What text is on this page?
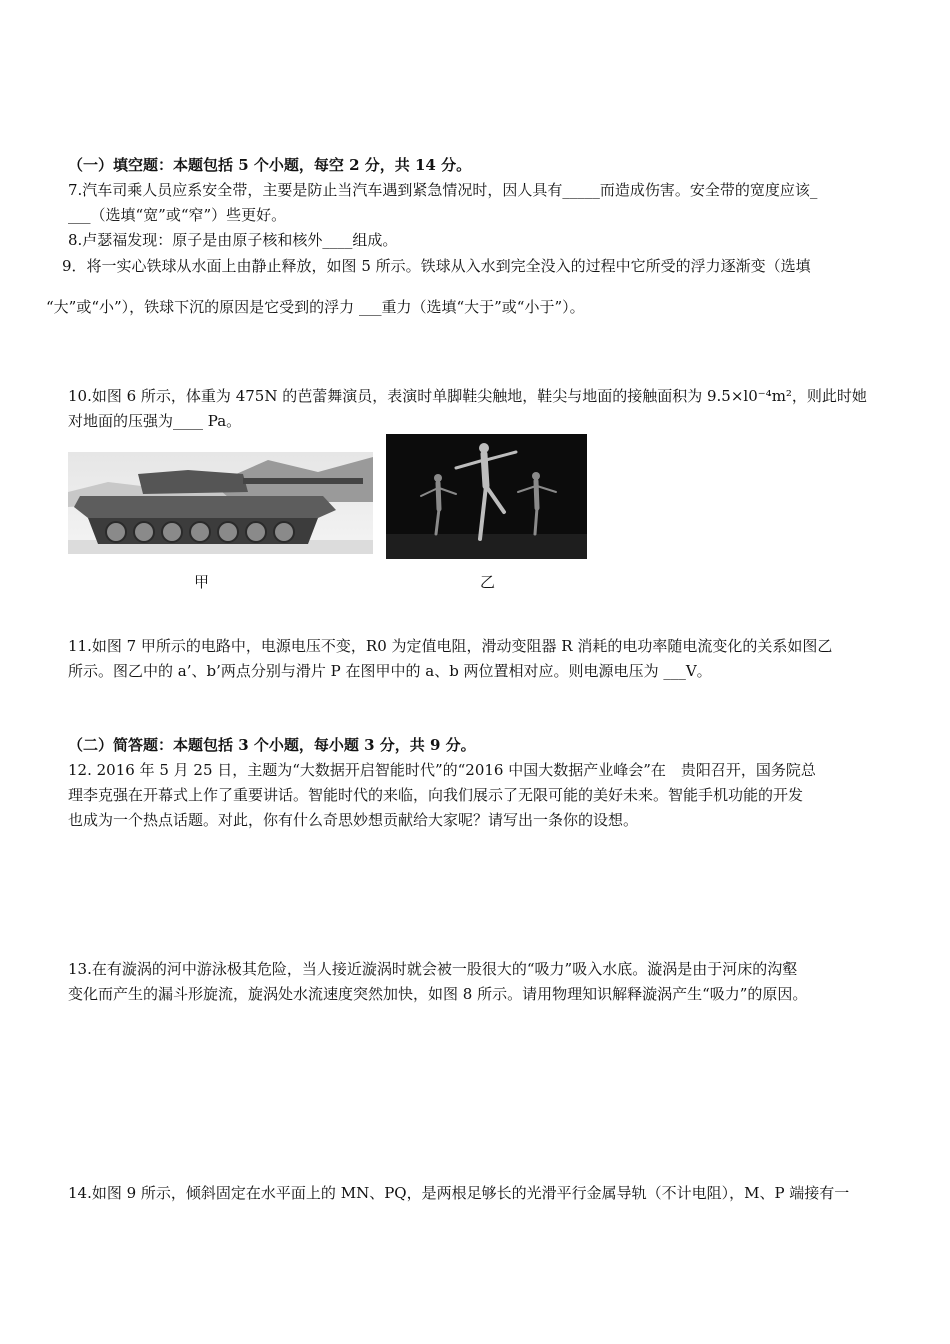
（一）填空题：本题包括 5 个小题，每空 2 分，共 14 分。
7.汽车司乘人员应系安全带，主要是防止当汽车遇到紧急情况时，因人具有_____而造成伤害。安全带的宽度应该_
___（选填“宽”或“窄”）些更好。
8.卢瑟福发现：原子是由原子核和核外____组成。
9．将一实心铁球从水面上由静止释放，如图 5 所示。铁球从入水到完全没入的过程中它所受的浮力逐渐变（选填
“大”或“小”），铁球下沉的原因是它受到的浮力 ___重力（选填“大于”或“小于”）。
10.如图 6 所示，体重为 475N 的芭蕾舞演员，表演时单脚鞋尖触地，鞋尖与地面的接触面积为 9.5×l0⁻⁴m²，则此时她
对地面的压强为____ Pa。
甲	乙
11.如图 7 甲所示的电路中，电源电压不变，R0 为定值电阻，滑动变阻器 R 消耗的电功率随电流变化的关系如图乙
所示。图乙中的 a’、b’两点分别与滑片 P 在图甲中的 a、b 两位置相对应。则电源电压为 ___V。
（二）简答题：本题包括 3 个小题，每小题 3 分，共 9 分。
12. 2016 年 5 月 25 日，主题为“大数据开启智能时代”的“2016 中国大数据产业峰会”在　贵阳召开，国务院总
理李克强在开幕式上作了重要讲话。智能时代的来临，向我们展示了无限可能的美好未来。智能手机功能的开发
也成为一个热点话题。对此，你有什么奇思妙想贡献给大家呢？请写出一条你的设想。
13.在有漩涡的河中游泳极其危险，当人接近漩涡时就会被一股很大的“吸力”吸入水底。漩涡是由于河床的沟壑
变化而产生的漏斗形旋流，旋涡处水流速度突然加快，如图 8 所示。请用物理知识解释漩涡产生“吸力”的原因。
14.如图 9 所示，倾斜固定在水平面上的 MN、PQ，是两根足够长的光滑平行金属导轨（不计电阻），M、P 端接有一
